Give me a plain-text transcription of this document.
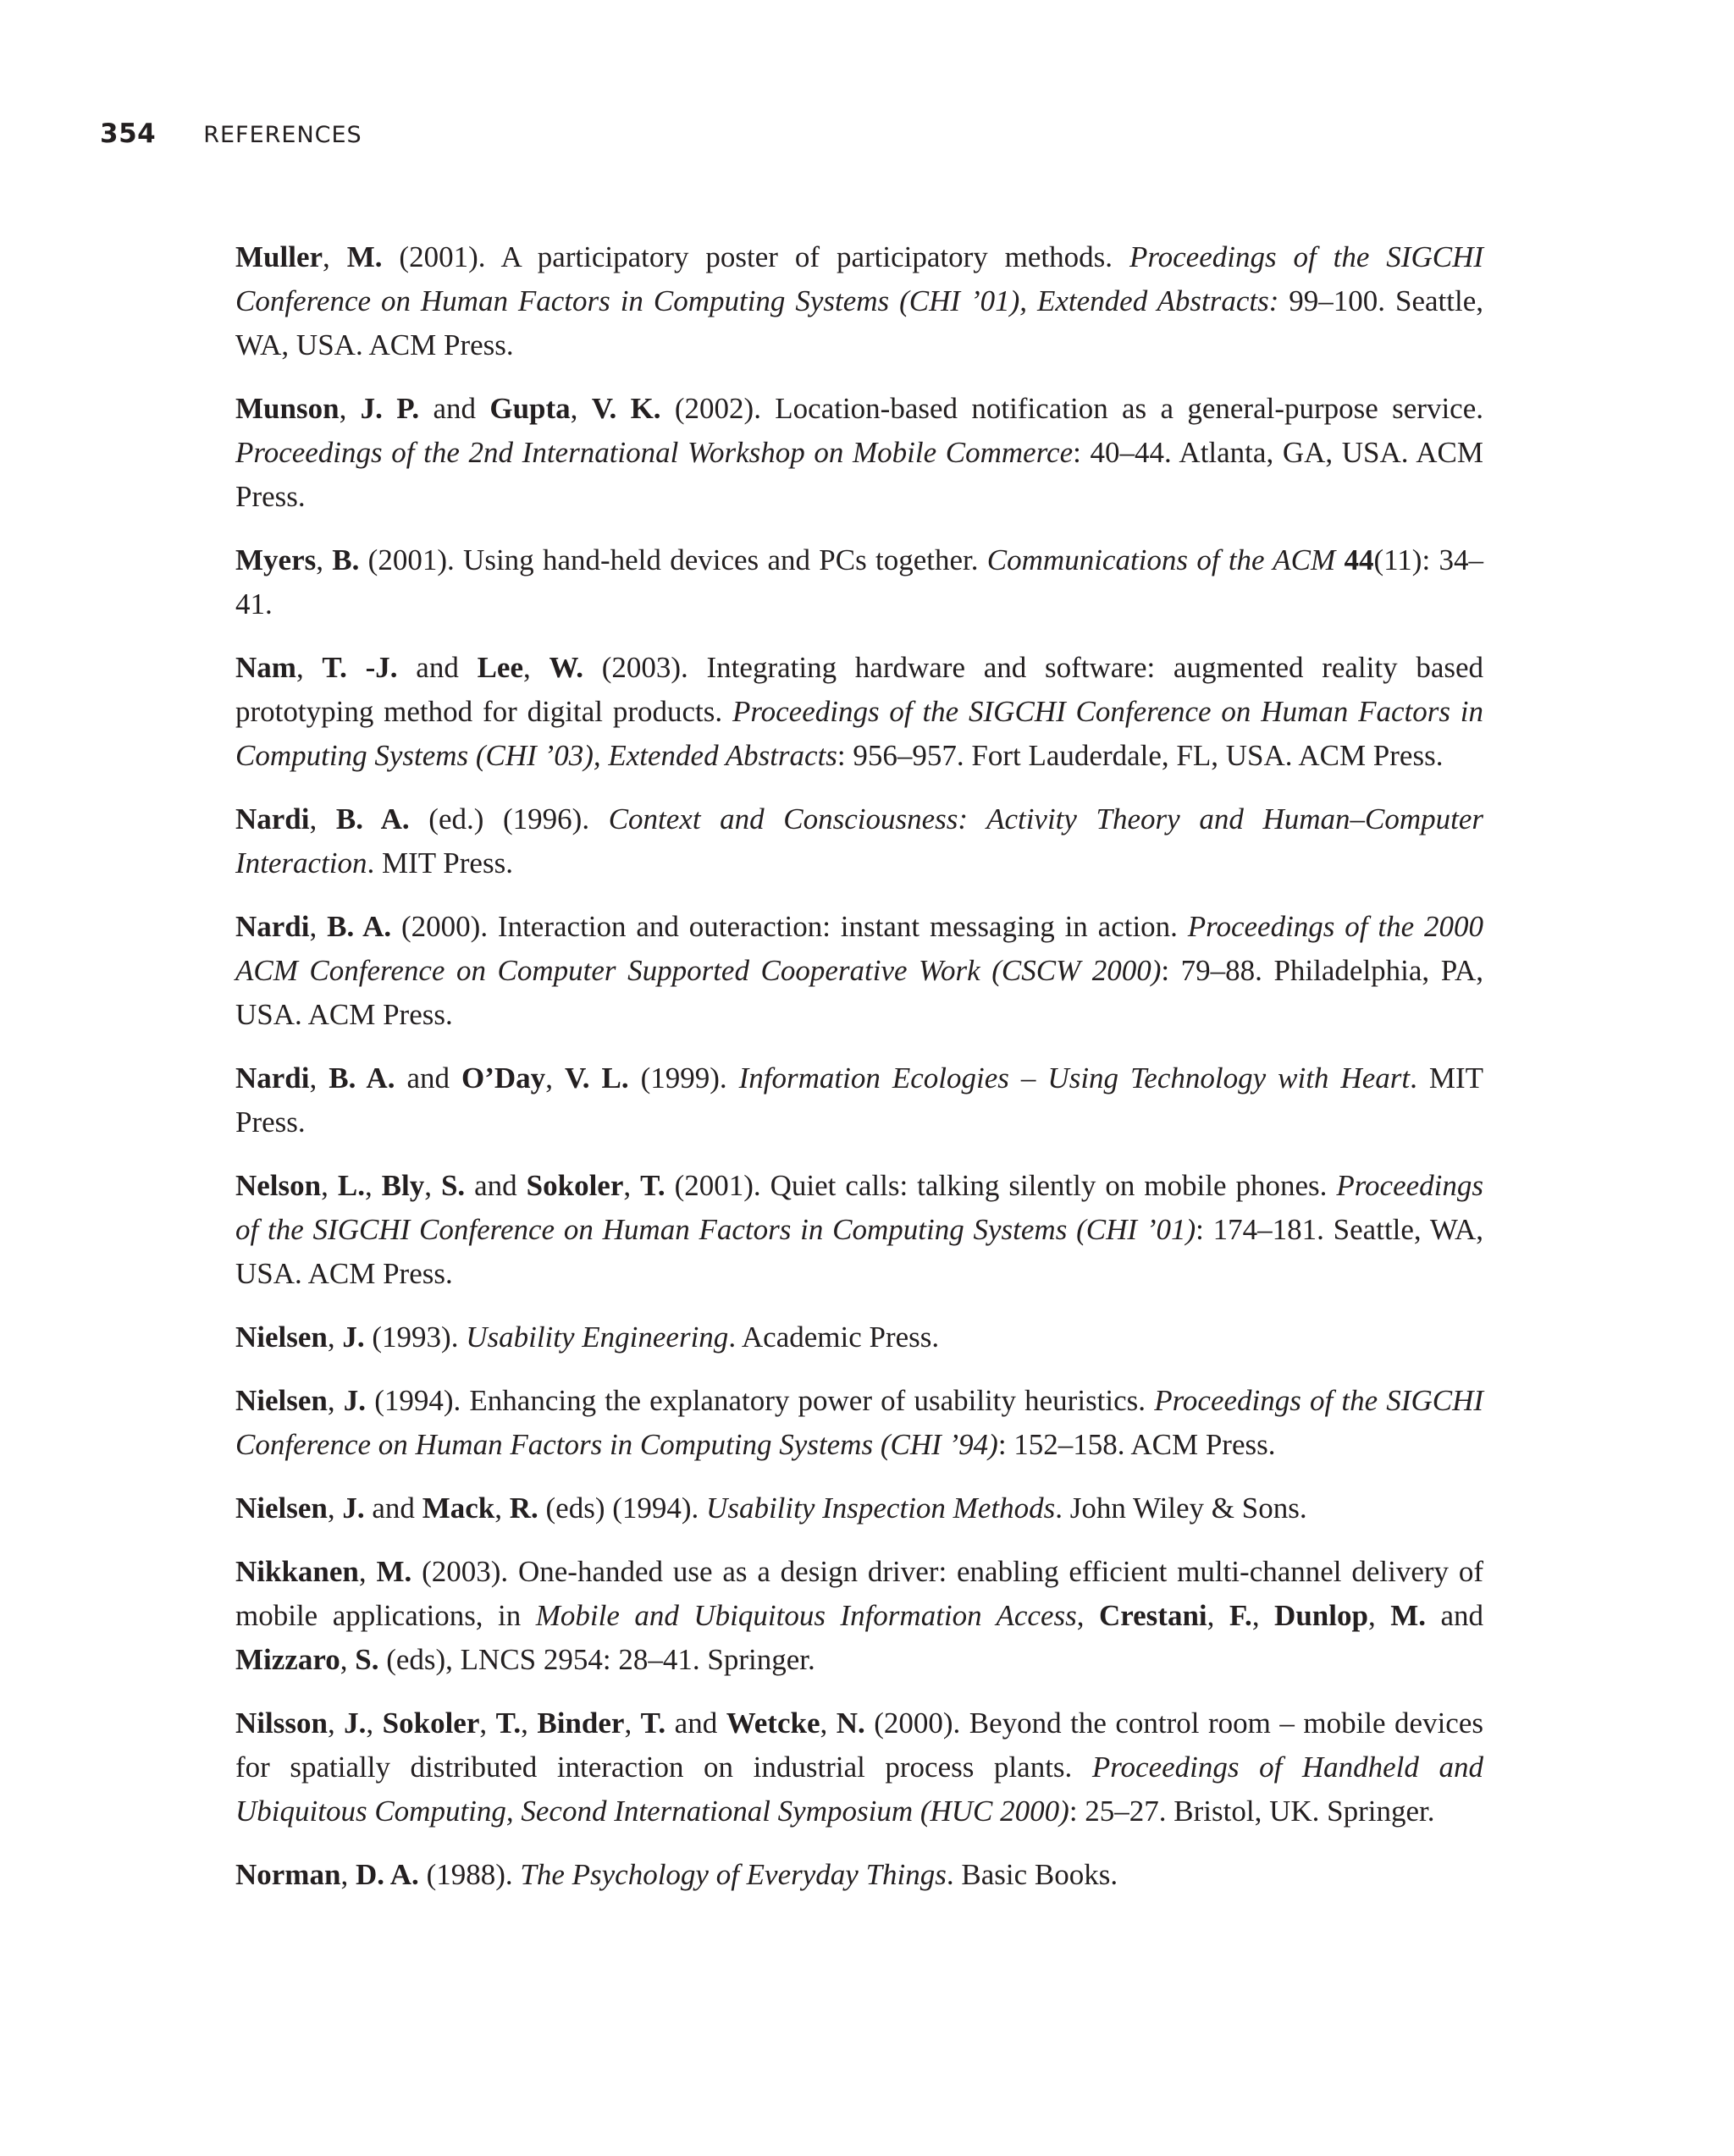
354 REFERENCES
Muller, M. (2001). A participatory poster of participatory methods. Proceedings of the SIGCHI Conference on Human Factors in Computing Systems (CHI ’01), Extended Abstracts: 99–100. Seattle, WA, USA. ACM Press.
Munson, J. P. and Gupta, V. K. (2002). Location-based notification as a general-purpose service. Proceedings of the 2nd International Workshop on Mobile Commerce: 40–44. Atlanta, GA, USA. ACM Press.
Myers, B. (2001). Using hand-held devices and PCs together. Communications of the ACM 44(11): 34–41.
Nam, T. -J. and Lee, W. (2003). Integrating hardware and software: augmented reality based prototyping method for digital products. Proceedings of the SIGCHI Conference on Human Factors in Computing Systems (CHI ’03), Extended Abstracts: 956–957. Fort Lauderdale, FL, USA. ACM Press.
Nardi, B. A. (ed.) (1996). Context and Consciousness: Activity Theory and Human–Computer Interaction. MIT Press.
Nardi, B. A. (2000). Interaction and outeraction: instant messaging in action. Proceedings of the 2000 ACM Conference on Computer Supported Cooperative Work (CSCW 2000): 79–88. Philadelphia, PA, USA. ACM Press.
Nardi, B. A. and O’Day, V. L. (1999). Information Ecologies – Using Technology with Heart. MIT Press.
Nelson, L., Bly, S. and Sokoler, T. (2001). Quiet calls: talking silently on mobile phones. Proceedings of the SIGCHI Conference on Human Factors in Computing Systems (CHI ’01): 174–181. Seattle, WA, USA. ACM Press.
Nielsen, J. (1993). Usability Engineering. Academic Press.
Nielsen, J. (1994). Enhancing the explanatory power of usability heuristics. Proceedings of the SIGCHI Conference on Human Factors in Computing Systems (CHI ’94): 152–158. ACM Press.
Nielsen, J. and Mack, R. (eds) (1994). Usability Inspection Methods. John Wiley & Sons.
Nikkanen, M. (2003). One-handed use as a design driver: enabling efficient multi-channel delivery of mobile applications, in Mobile and Ubiquitous Information Access, Crestani, F., Dunlop, M. and Mizzaro, S. (eds), LNCS 2954: 28–41. Springer.
Nilsson, J., Sokoler, T., Binder, T. and Wetcke, N. (2000). Beyond the control room – mobile devices for spatially distributed interaction on industrial process plants. Proceedings of Handheld and Ubiquitous Computing, Second International Symposium (HUC 2000): 25–27. Bristol, UK. Springer.
Norman, D. A. (1988). The Psychology of Everyday Things. Basic Books.
